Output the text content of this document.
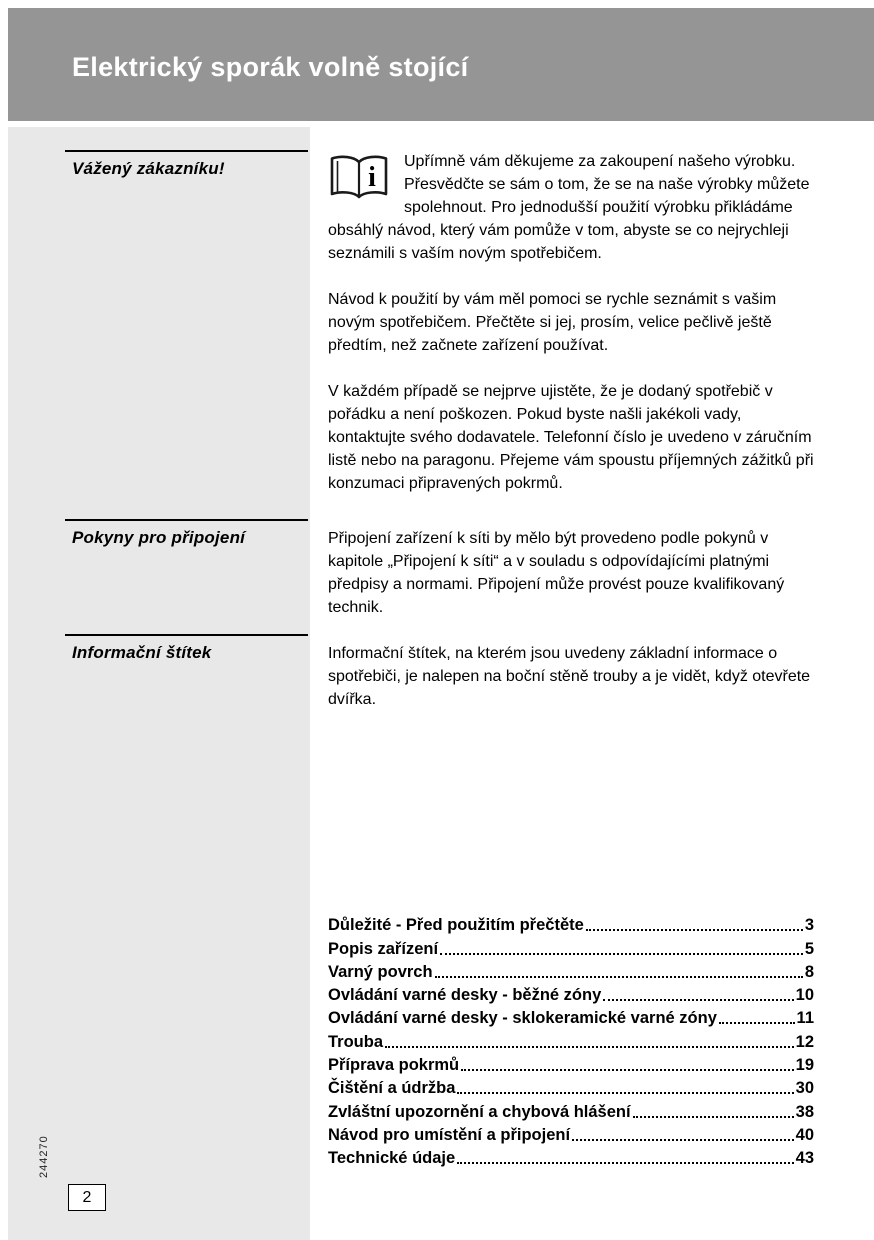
Elektrický sporák volně stojící
Vážený zákazníku!
Pokyny pro připojení
Informační štítek
i

Upřímně vám děkujeme za zakoupení našeho výrobku. Přesvědčte se sám o tom, že se na naše výrobky můžete spolehnout. Pro jednodušší použití výrobku přikládáme obsáhlý návod, který vám pomůže v tom, abyste se co nejrychleji seznámili s vaším novým spotřebičem.

Návod k použití by vám měl pomoci se rychle seznámit s vašim novým spotřebičem. Přečtěte si jej, prosím, velice pečlivě ještě předtím, než začnete zařízení používat.

V každém případě se nejprve ujistěte, že je dodaný spotřebič v pořádku a není poškozen. Pokud byste našli jakékoli vady, kontaktujte svého dodavatele. Telefonní číslo je uvedeno v záručním listě nebo na paragonu. Přejeme vám spoustu příjemných zážitků při konzumaci připravených pokrmů.

Připojení zařízení k síti by mělo být provedeno podle pokynů v kapitole „Připojení k síti“ a v souladu s odpovídajícími platnými předpisy a normami. Připojení může provést pouze kvalifikovaný technik.

Informační štítek, na kterém jsou uvedeny základní informace o spotřebiči, je nalepen na boční stěně trouby a je vidět, když otevřete dvířka.

Důležité - Před použitím přečtěte	3
Popis zařízení	5
Varný povrch	8
Ovládání varné desky - běžné zóny	10
Ovládání varné desky - sklokeramické varné zóny	11
Trouba	12
Příprava pokrmů	19
Čištění a údržba	30
Zvláštní upozornění a chybová hlášení	38
Návod pro umístění a připojení	40
Technické údaje	43
244270
2
